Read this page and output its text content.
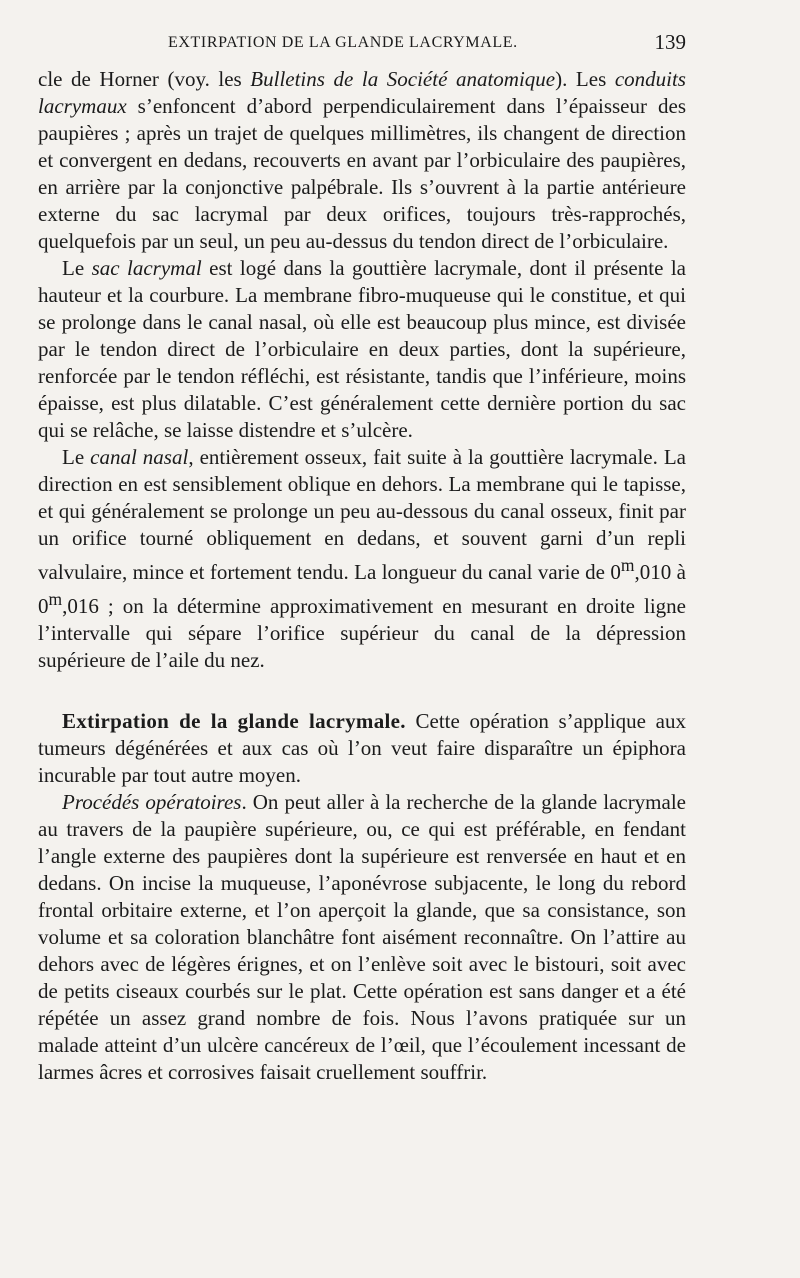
EXTIRPATION DE LA GLANDE LACRYMALE.	139

cle de Horner (voy. les Bulletins de la Société anatomique). Les conduits lacrymaux s’enfoncent d’abord perpendiculairement dans l’épaisseur des paupières ; après un trajet de quelques millimètres, ils changent de direction et convergent en dedans, recouverts en avant par l’orbiculaire des paupières, en arrière par la conjonctive palpébrale. Ils s’ouvrent à la partie antérieure externe du sac lacrymal par deux orifices, toujours très-rapprochés, quelquefois par un seul, un peu au-dessus du tendon direct de l’orbiculaire.

Le sac lacrymal est logé dans la gouttière lacrymale, dont il présente la hauteur et la courbure. La membrane fibro-muqueuse qui le constitue, et qui se prolonge dans le canal nasal, où elle est beaucoup plus mince, est divisée par le tendon direct de l’orbiculaire en deux parties, dont la supérieure, renforcée par le tendon réfléchi, est résistante, tandis que l’inférieure, moins épaisse, est plus dilatable. C’est généralement cette dernière portion du sac qui se relâche, se laisse distendre et s’ulcère.

Le canal nasal, entièrement osseux, fait suite à la gouttière lacrymale. La direction en est sensiblement oblique en dehors. La membrane qui le tapisse, et qui généralement se prolonge un peu au-dessous du canal osseux, finit par un orifice tourné obliquement en dedans, et souvent garni d’un repli valvulaire, mince et fortement tendu. La longueur du canal varie de 0$^m$,010 à 0$^m$,016 ; on la détermine approximativement en mesurant en droite ligne l’intervalle qui sépare l’orifice supérieur du canal de la dépression supérieure de l’aile du nez.

Extirpation de la glande lacrymale. Cette opération s’applique aux tumeurs dégénérées et aux cas où l’on veut faire disparaître un épiphora incurable par tout autre moyen.

Procédés opératoires. On peut aller à la recherche de la glande lacrymale au travers de la paupière supérieure, ou, ce qui est préférable, en fendant l’angle externe des paupières dont la supérieure est renversée en haut et en dedans. On incise la muqueuse, l’aponévrose subjacente, le long du rebord frontal orbitaire externe, et l’on aperçoit la glande, que sa consistance, son volume et sa coloration blanchâtre font aisément reconnaître. On l’attire au dehors avec de légères érignes, et on l’enlève soit avec le bistouri, soit avec de petits ciseaux courbés sur le plat. Cette opération est sans danger et a été répétée un assez grand nombre de fois. Nous l’avons pratiquée sur un malade atteint d’un ulcère cancéreux de l’œil, que l’écoulement incessant de larmes âcres et corrosives faisait cruellement souffrir.
